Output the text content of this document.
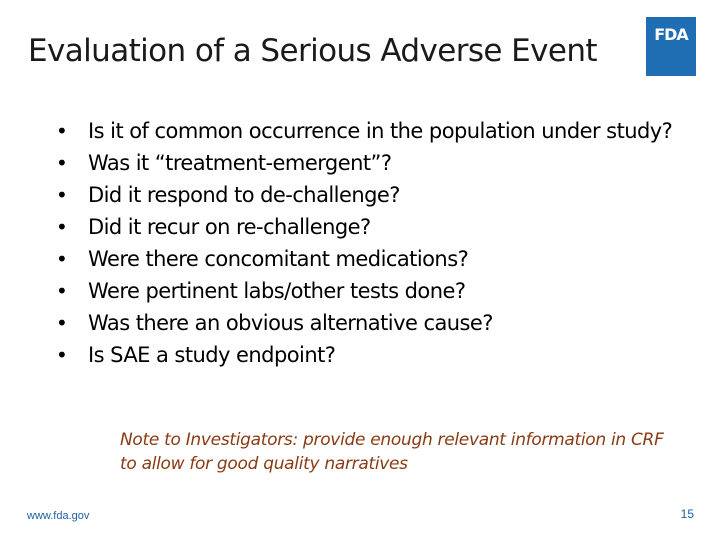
Evaluation of a Serious Adverse Event	FDA
• Is it of common occurrence in the population under study?
• Was it “treatment-emergent”?
• Did it respond to de-challenge?
• Did it recur on re-challenge?
• Were there concomitant medications?
• Were pertinent labs/other tests done?
• Was there an obvious alternative cause?
• Is SAE a study endpoint?

Note to Investigators: provide enough relevant information in CRF to allow for good quality narratives

www.fda.gov	15
